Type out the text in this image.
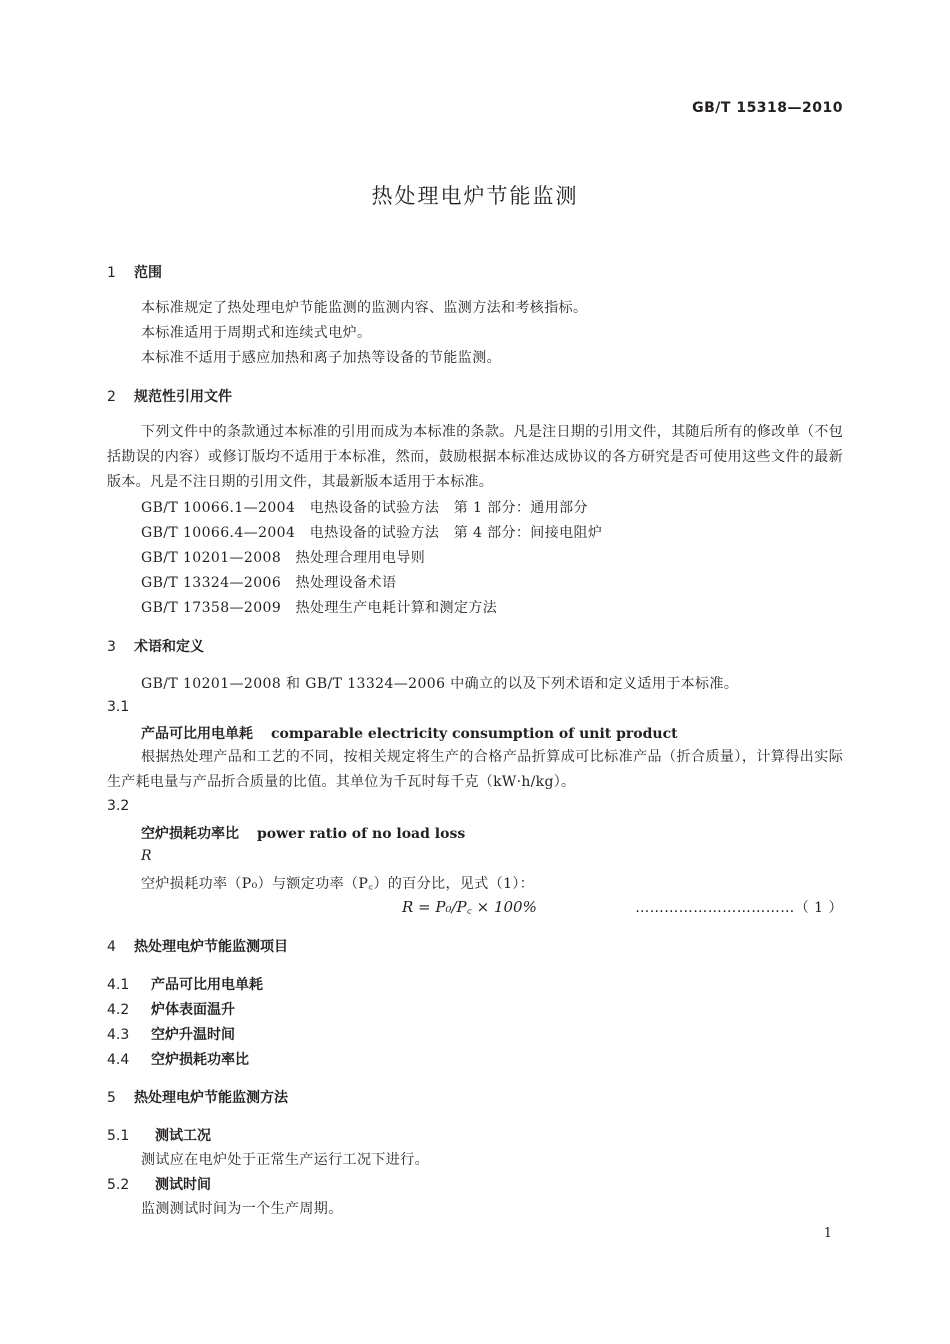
GB/T 15318—2010
热处理电炉节能监测
1 范围
本标准规定了热处理电炉节能监测的监测内容、监测方法和考核指标。
本标准适用于周期式和连续式电炉。
本标准不适用于感应加热和离子加热等设备的节能监测。
2 规范性引用文件
下列文件中的条款通过本标准的引用而成为本标准的条款。凡是注日期的引用文件，其随后所有的修改单（不包括勘误的内容）或修订版均不适用于本标准，然而，鼓励根据本标准达成协议的各方研究是否可使用这些文件的最新版本。凡是不注日期的引用文件，其最新版本适用于本标准。
GB/T 10066.1—2004　电热设备的试验方法　第 1 部分：通用部分
GB/T 10066.4—2004　电热设备的试验方法　第 4 部分：间接电阻炉
GB/T 10201—2008　热处理合理用电导则
GB/T 13324—2006　热处理设备术语
GB/T 17358—2009　热处理生产电耗计算和测定方法
3 术语和定义
GB/T 10201—2008 和 GB/T 13324—2006 中确立的以及下列术语和定义适用于本标准。
3.1
产品可比用电单耗 comparable electricity consumption of unit product
根据热处理产品和工艺的不同，按相关规定将生产的合格产品折算成可比标准产品（折合质量），计算得出实际生产耗电量与产品折合质量的比值。其单位为千瓦时每千克（kW·h/kg）。
3.2
空炉损耗功率比 power ratio of no load loss
R
空炉损耗功率（P₀）与额定功率（P꜀）的百分比，见式（1）：
R = P₀/P꜀ × 100%	……………………………（ 1 ）
4 热处理电炉节能监测项目
4.1 产品可比用电单耗
4.2 炉体表面温升
4.3 空炉升温时间
4.4 空炉损耗功率比
5 热处理电炉节能监测方法
5.1 测试工况
测试应在电炉处于正常生产运行工况下进行。
5.2 测试时间
监测测试时间为一个生产周期。
1
